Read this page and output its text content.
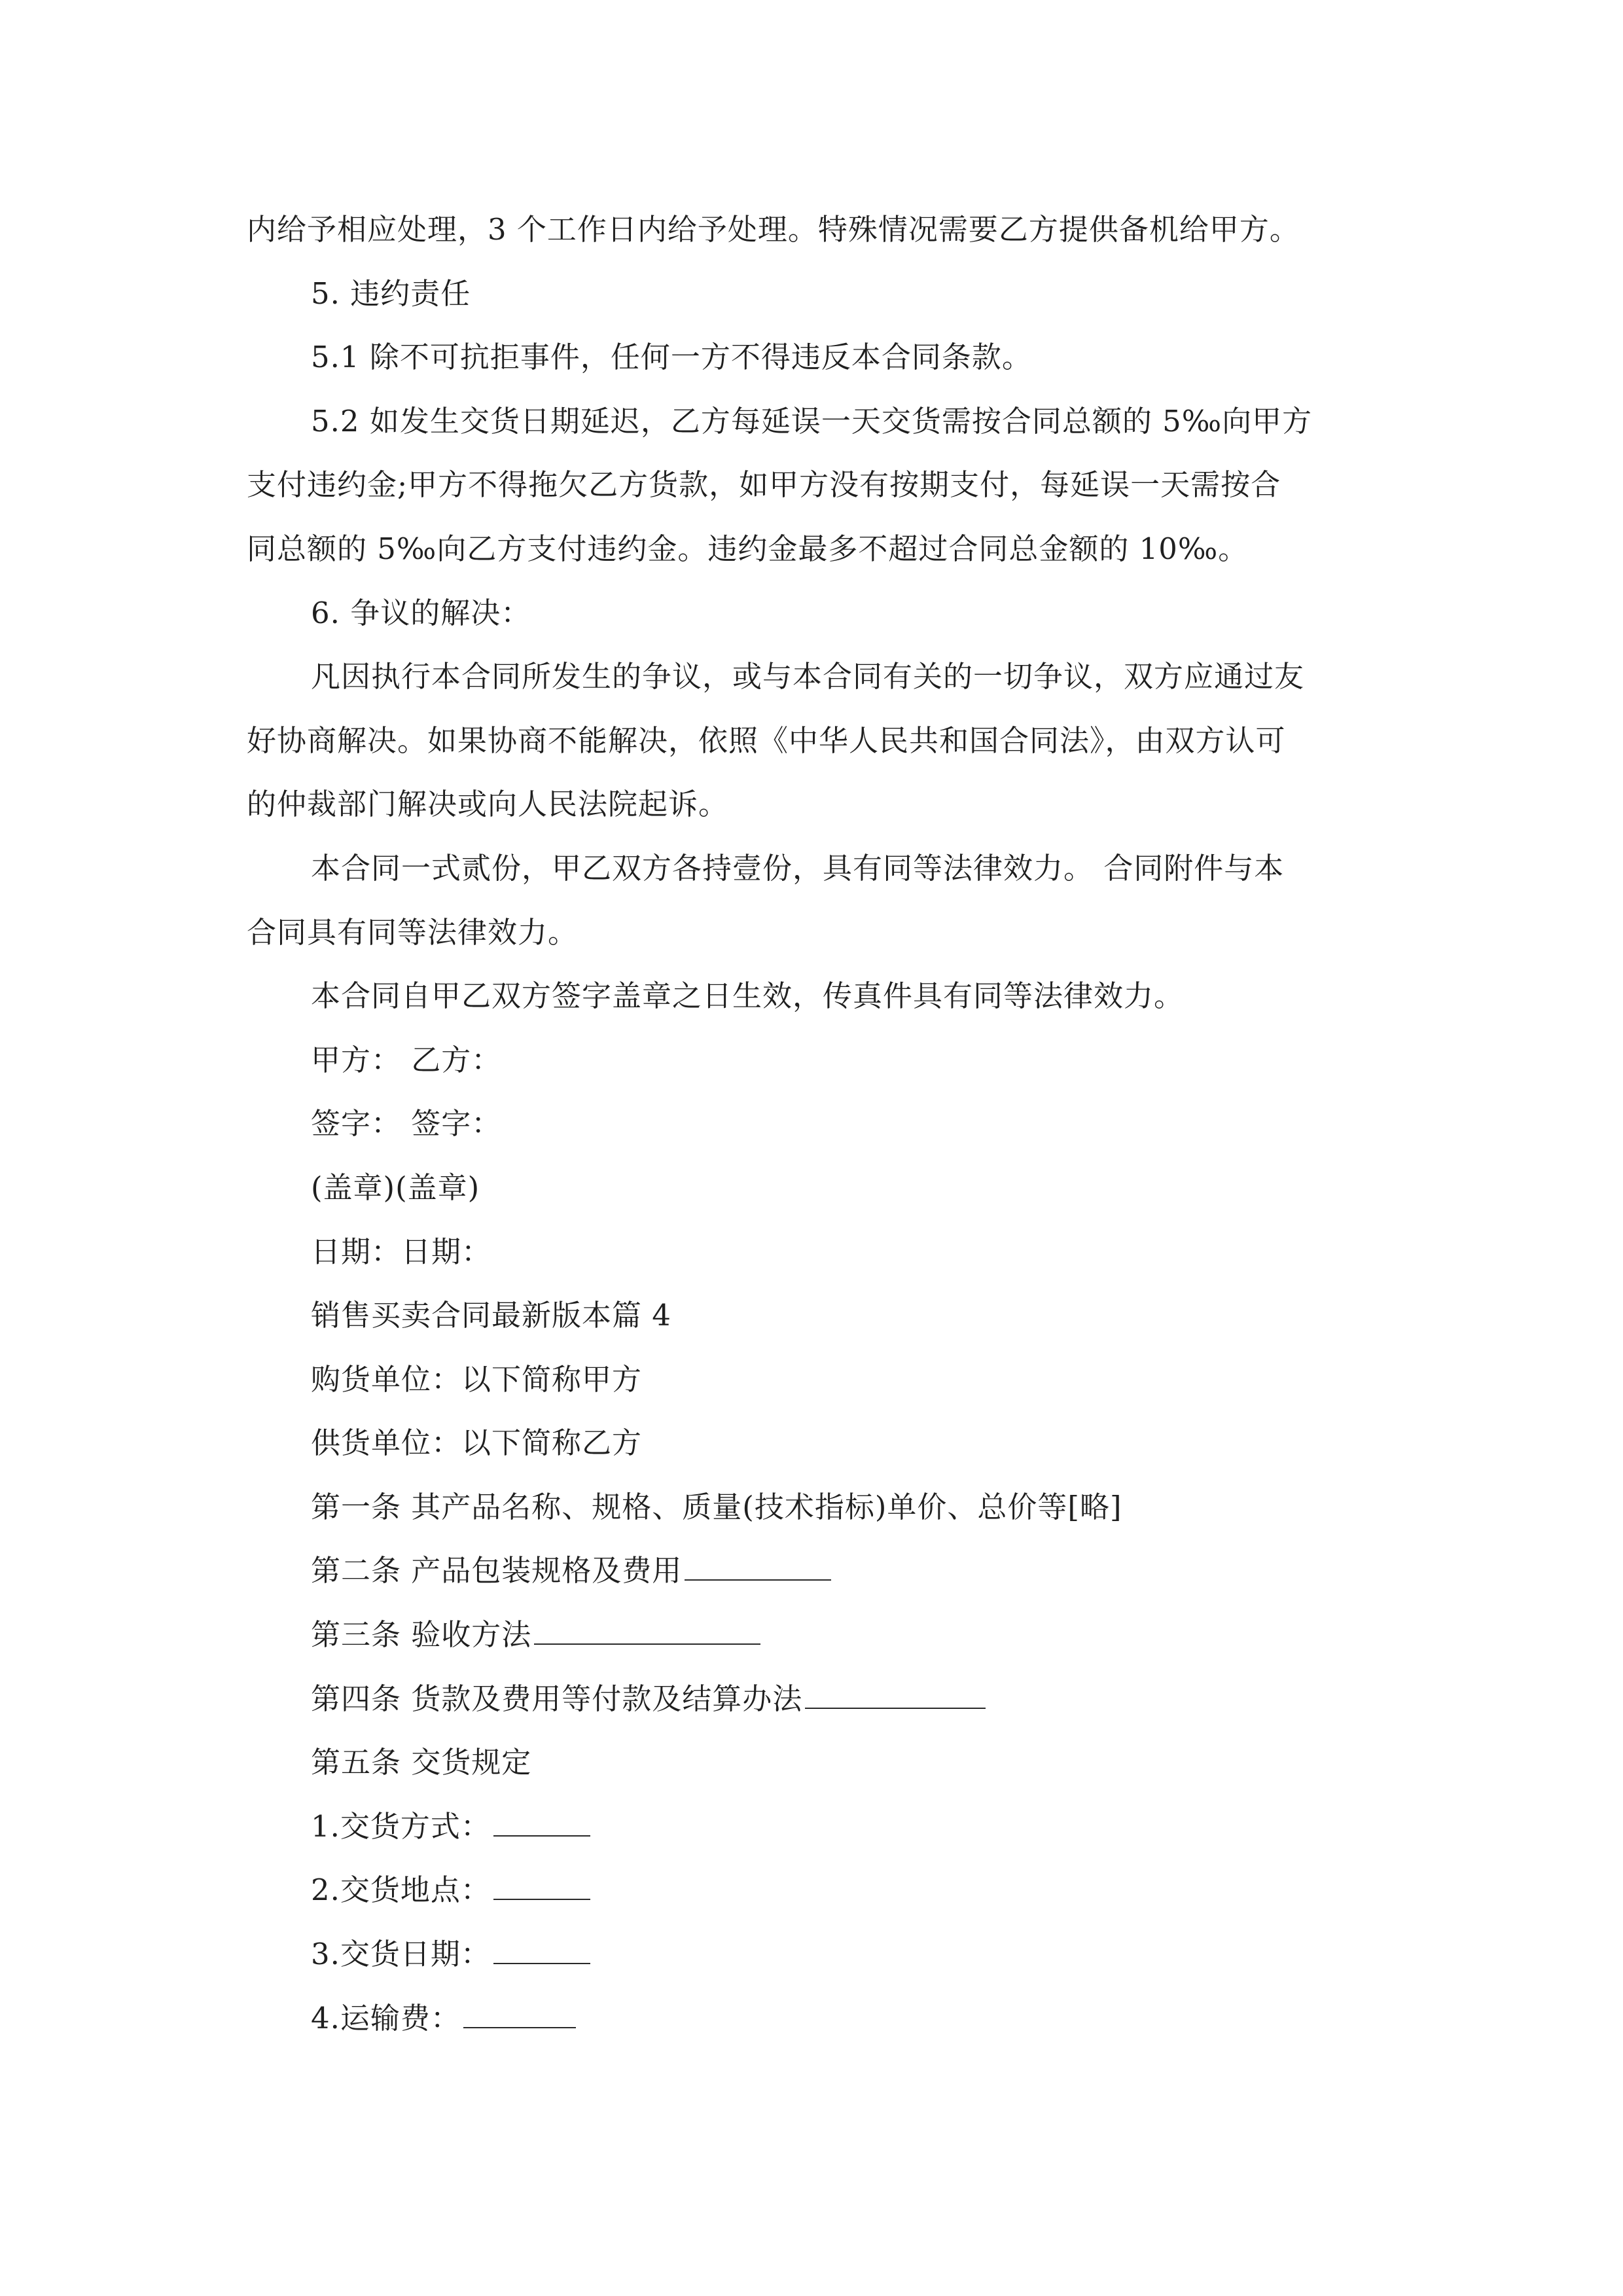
内给予相应处理，3 个工作日内给予处理。特殊情况需要乙方提供备机给甲方。
5. 违约责任
5.1 除不可抗拒事件，任何一方不得违反本合同条款。
5.2 如发生交货日期延迟，乙方每延误一天交货需按合同总额的 5‰向甲方
支付违约金;甲方不得拖欠乙方货款，如甲方没有按期支付，每延误一天需按合
同总额的 5‰向乙方支付违约金。违约金最多不超过合同总金额的 10‰。
6. 争议的解决：
凡因执行本合同所发生的争议，或与本合同有关的一切争议，双方应通过友
好协商解决。如果协商不能解决，依照《中华人民共和国合同法》，由双方认可
的仲裁部门解决或向人民法院起诉。
本合同一式贰份，甲乙双方各持壹份，具有同等法律效力。 合同附件与本
合同具有同等法律效力。
本合同自甲乙双方签字盖章之日生效，传真件具有同等法律效力。
甲方： 乙方：
签字： 签字：
(盖章)(盖章)
日期：日期：
销售买卖合同最新版本篇 4
购货单位：以下简称甲方
供货单位：以下简称乙方
第一条 其产品名称、规格、质量(技术指标)单价、总价等[略]
第二条 产品包装规格及费用
第三条 验收方法
第四条 货款及费用等付款及结算办法
第五条 交货规定
1.交货方式：
2.交货地点：
3.交货日期：
4.运输费：
